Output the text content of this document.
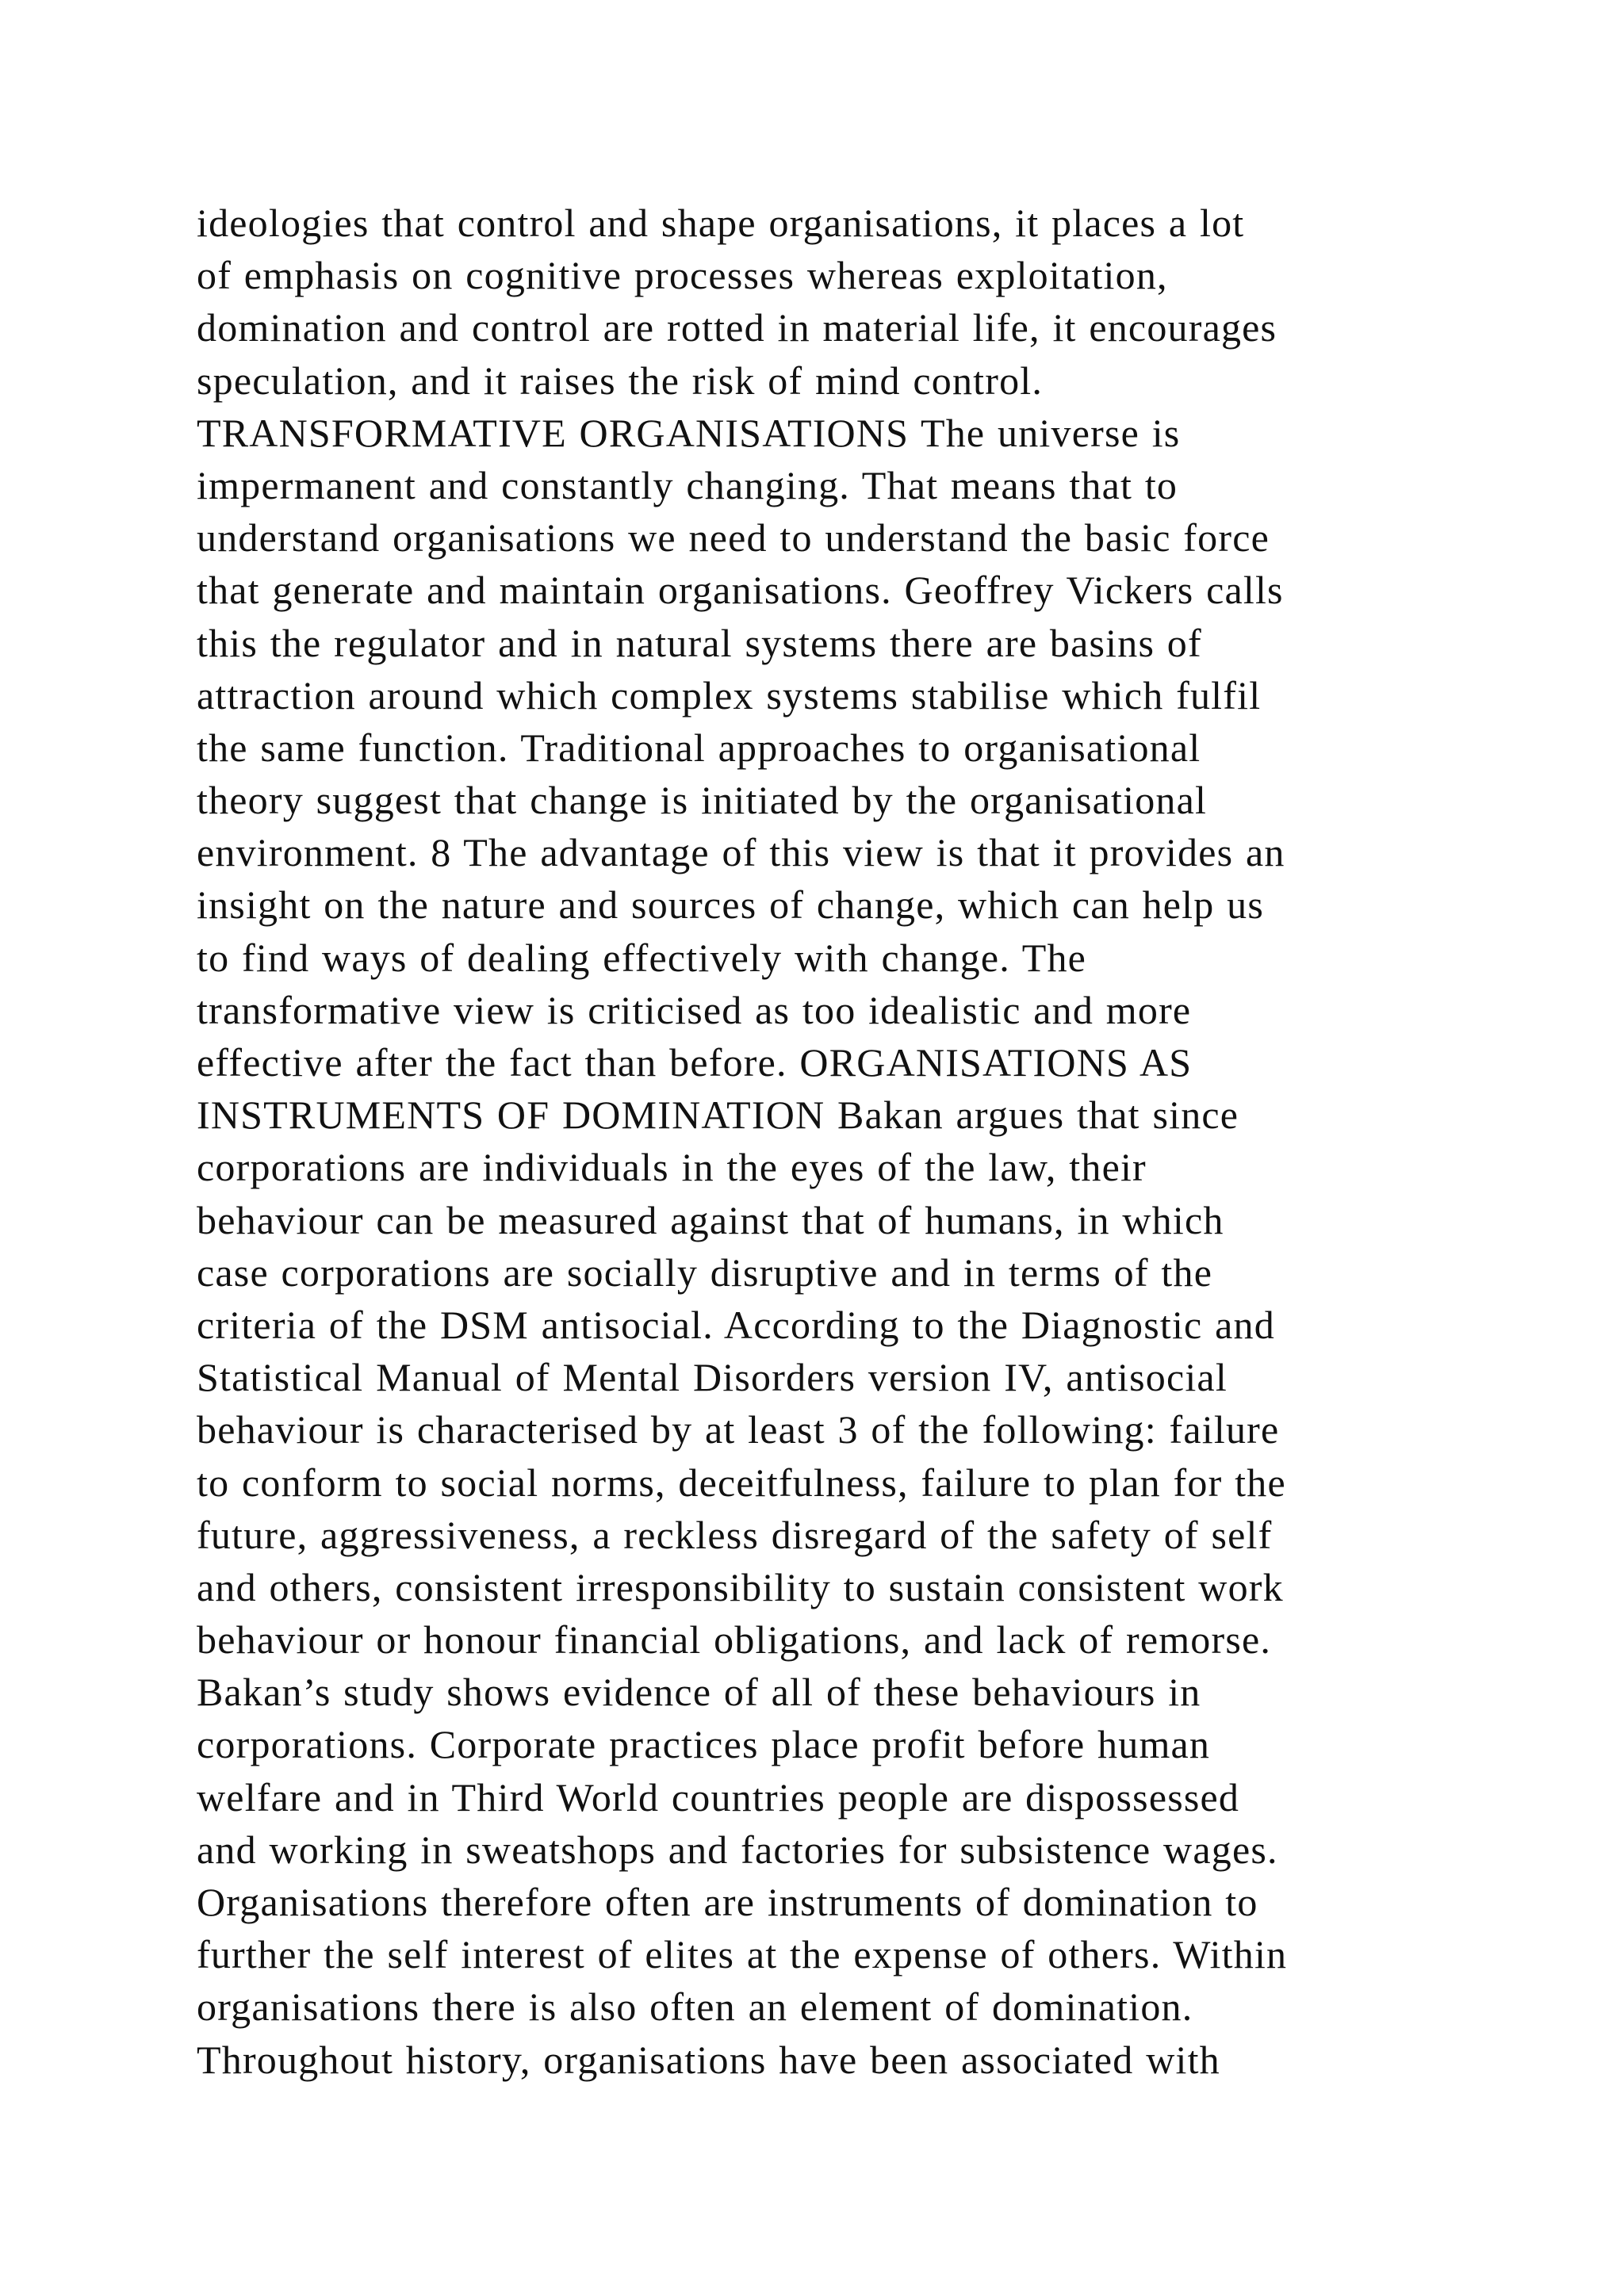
ideologies that control and shape organisations, it places a lot
of emphasis on cognitive processes whereas exploitation,
domination and control are rotted in material life, it encourages
speculation, and it raises the risk of mind control.
TRANSFORMATIVE ORGANISATIONS The universe is
impermanent and constantly changing. That means that to
understand organisations we need to understand the basic force
that generate and maintain organisations. Geoffrey Vickers calls
this the regulator and in natural systems there are basins of
attraction around which complex systems stabilise which fulfil
the same function. Traditional approaches to organisational
theory suggest that change is initiated by the organisational
environment. 8 The advantage of this view is that it provides an
insight on the nature and sources of change, which can help us
to find ways of dealing effectively with change. The
transformative view is criticised as too idealistic and more
effective after the fact than before. ORGANISATIONS AS
INSTRUMENTS OF DOMINATION Bakan argues that since
corporations are individuals in the eyes of the law, their
behaviour can be measured against that of humans, in which
case corporations are socially disruptive and in terms of the
criteria of the DSM antisocial. According to the Diagnostic and
Statistical Manual of Mental Disorders version IV, antisocial
behaviour is characterised by at least 3 of the following: failure
to conform to social norms, deceitfulness, failure to plan for the
future, aggressiveness, a reckless disregard of the safety of self
and others, consistent irresponsibility to sustain consistent work
behaviour or honour financial obligations, and lack of remorse.
Bakan’s study shows evidence of all of these behaviours in
corporations. Corporate practices place profit before human
welfare and in Third World countries people are dispossessed
and working in sweatshops and factories for subsistence wages.
Organisations therefore often are instruments of domination to
further the self interest of elites at the expense of others. Within
organisations there is also often an element of domination.
Throughout history, organisations have been associated with
